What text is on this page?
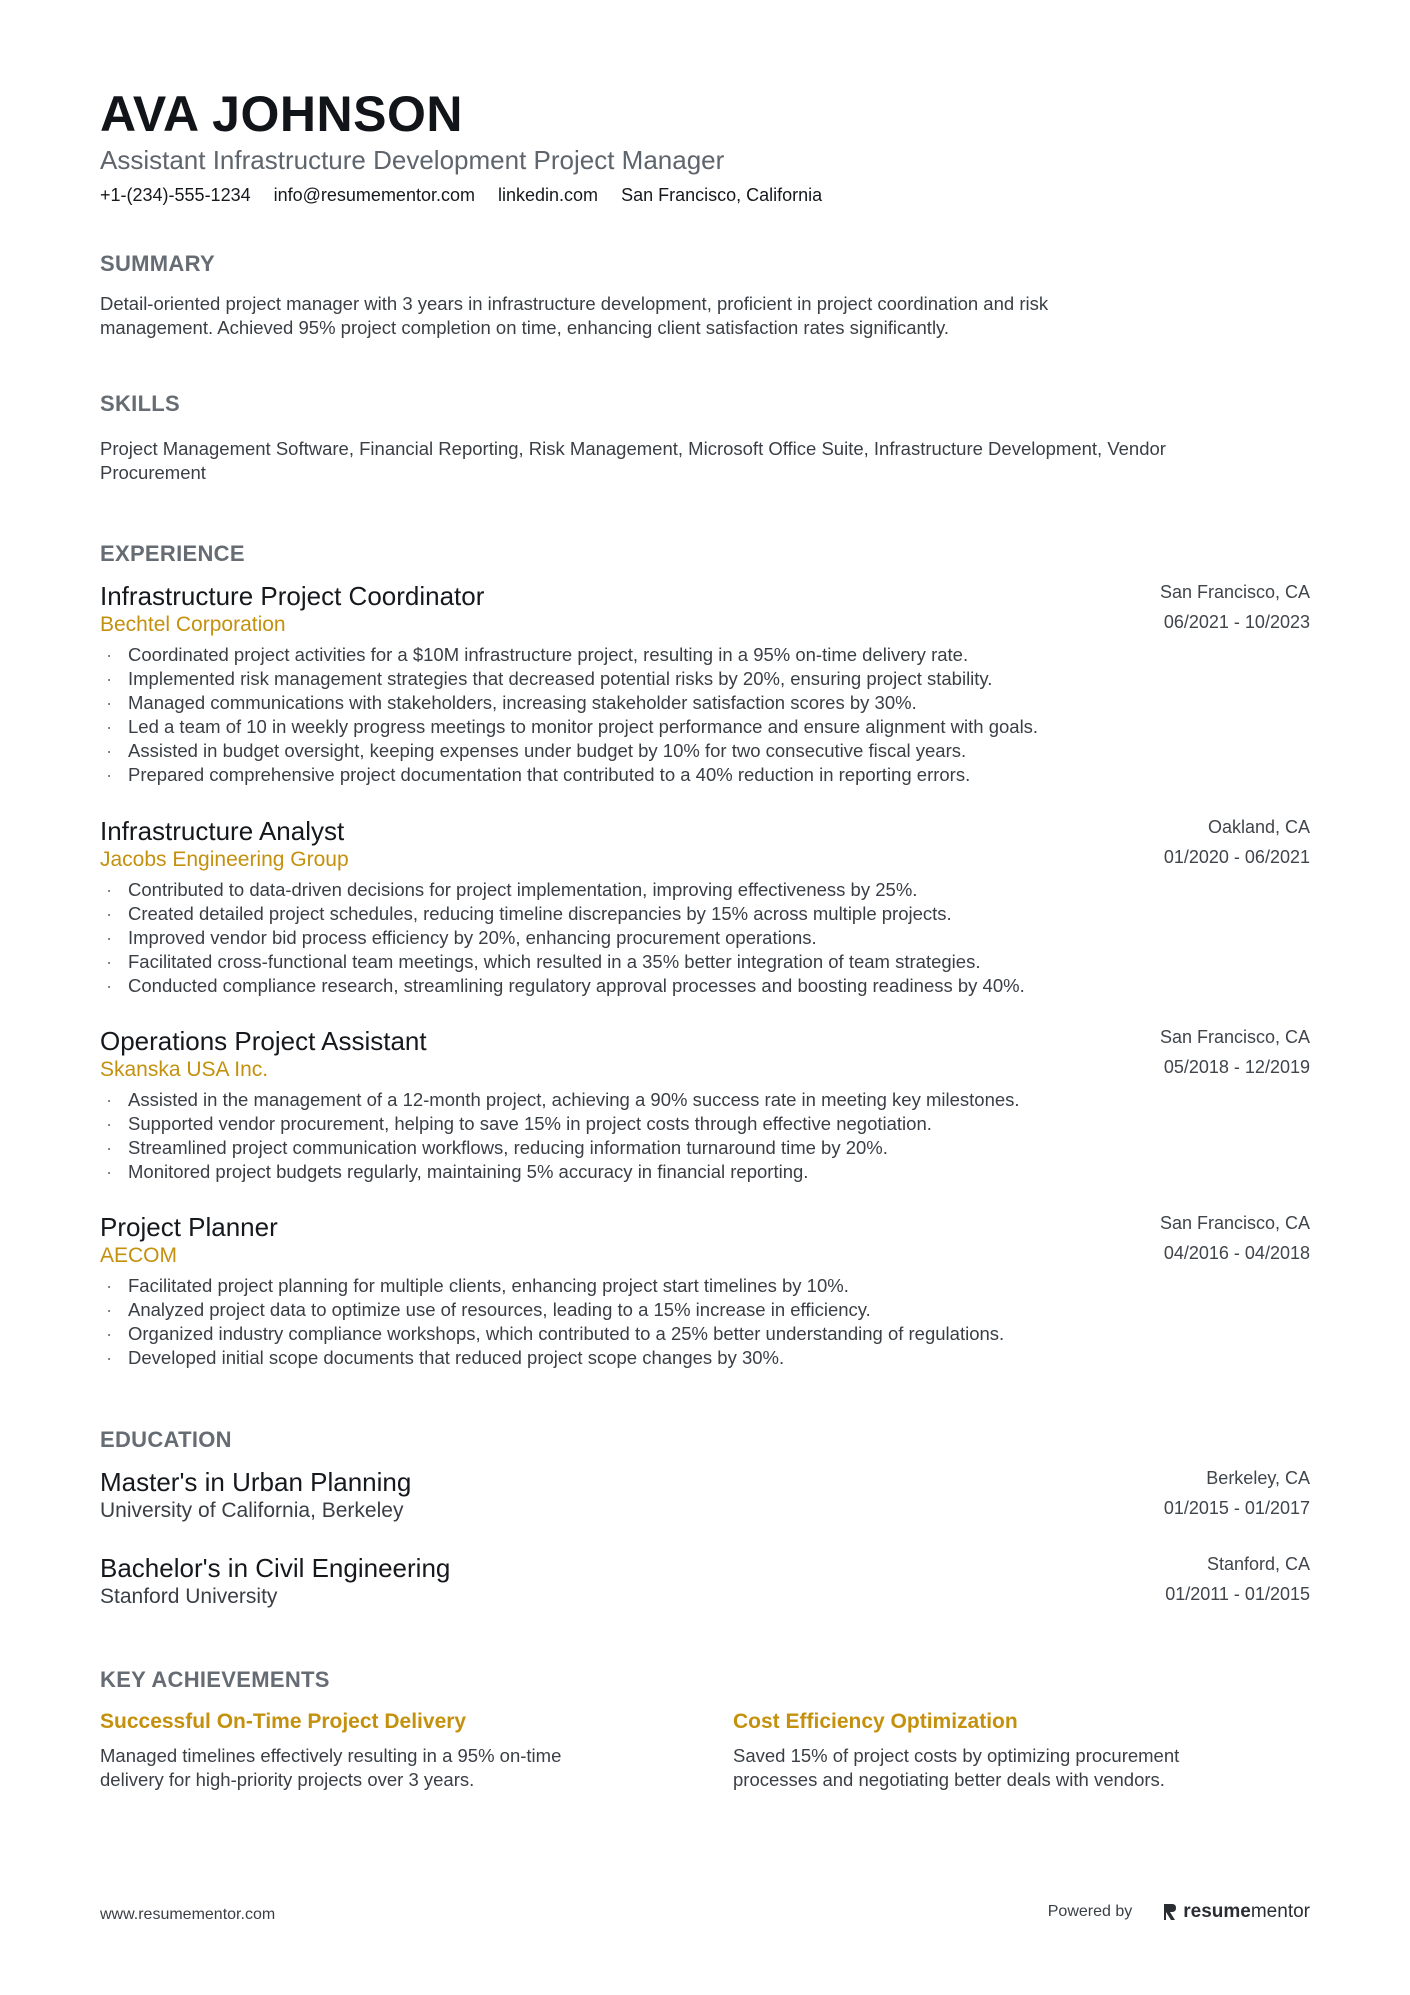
AVA JOHNSON
Assistant Infrastructure Development Project Manager
+1-(234)-555-1234 info@resumementor.com linkedin.com San Francisco, California
SUMMARY
Detail-oriented project manager with 3 years in infrastructure development, proficient in project coordination and risk
management. Achieved 95% project completion on time, enhancing client satisfaction rates significantly.
SKILLS
Project Management Software, Financial Reporting, Risk Management, Microsoft Office Suite, Infrastructure Development, Vendor
Procurement
EXPERIENCE
Infrastructure Project Coordinator
Bechtel Corporation
San Francisco, CA
06/2021 - 10/2023
· Coordinated project activities for a $10M infrastructure project, resulting in a 95% on-time delivery rate.
· Implemented risk management strategies that decreased potential risks by 20%, ensuring project stability.
· Managed communications with stakeholders, increasing stakeholder satisfaction scores by 30%.
· Led a team of 10 in weekly progress meetings to monitor project performance and ensure alignment with goals.
· Assisted in budget oversight, keeping expenses under budget by 10% for two consecutive fiscal years.
· Prepared comprehensive project documentation that contributed to a 40% reduction in reporting errors.
Infrastructure Analyst
Jacobs Engineering Group
Oakland, CA
01/2020 - 06/2021
· Contributed to data-driven decisions for project implementation, improving effectiveness by 25%.
· Created detailed project schedules, reducing timeline discrepancies by 15% across multiple projects.
· Improved vendor bid process efficiency by 20%, enhancing procurement operations.
· Facilitated cross-functional team meetings, which resulted in a 35% better integration of team strategies.
· Conducted compliance research, streamlining regulatory approval processes and boosting readiness by 40%.
Operations Project Assistant
Skanska USA Inc.
San Francisco, CA
05/2018 - 12/2019
· Assisted in the management of a 12-month project, achieving a 90% success rate in meeting key milestones.
· Supported vendor procurement, helping to save 15% in project costs through effective negotiation.
· Streamlined project communication workflows, reducing information turnaround time by 20%.
· Monitored project budgets regularly, maintaining 5% accuracy in financial reporting.
Project Planner
AECOM
San Francisco, CA
04/2016 - 04/2018
· Facilitated project planning for multiple clients, enhancing project start timelines by 10%.
· Analyzed project data to optimize use of resources, leading to a 15% increase in efficiency.
· Organized industry compliance workshops, which contributed to a 25% better understanding of regulations.
· Developed initial scope documents that reduced project scope changes by 30%.
EDUCATION
Master's in Urban Planning
University of California, Berkeley
Berkeley, CA
01/2015 - 01/2017
Bachelor's in Civil Engineering
Stanford University
Stanford, CA
01/2011 - 01/2015
KEY ACHIEVEMENTS
Successful On-Time Project Delivery
Managed timelines effectively resulting in a 95% on-time
delivery for high-priority projects over 3 years.
Cost Efficiency Optimization
Saved 15% of project costs by optimizing procurement
processes and negotiating better deals with vendors.
www.resumementor.com	Powered by	resume mentor
